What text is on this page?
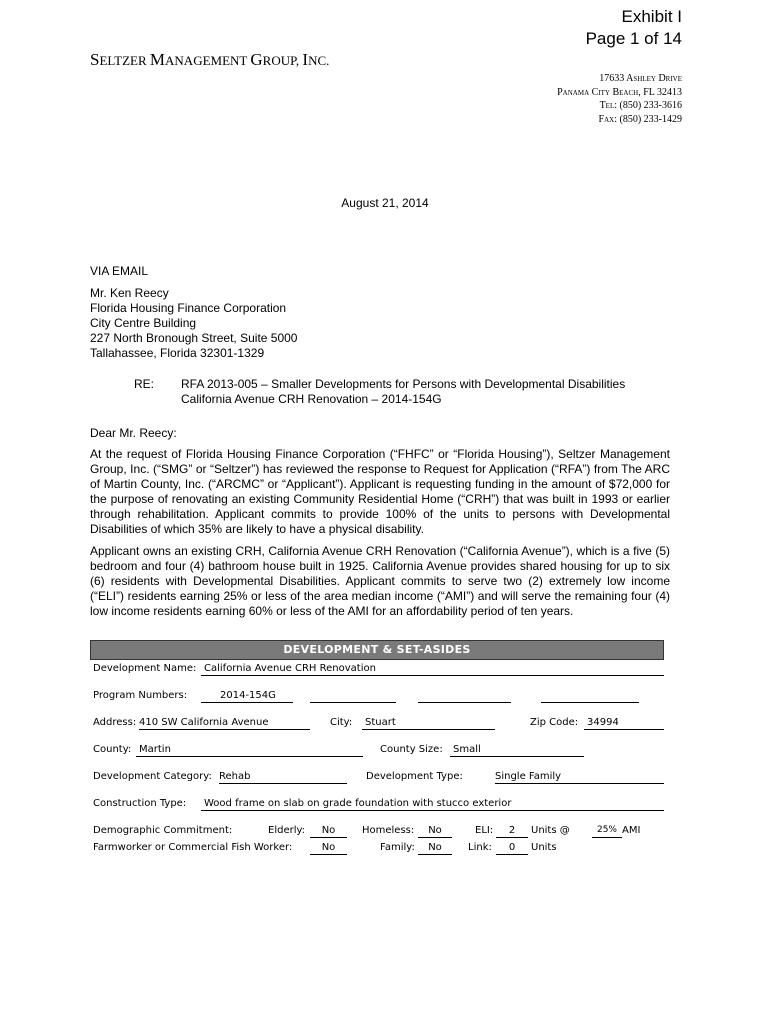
Exhibit I
Page 1 of 14
SELTZER MANAGEMENT GROUP, INC.
17633 Ashley Drive
Panama City Beach, FL 32413
Tel: (850) 233-3616
Fax: (850) 233-1429
August 21, 2014
VIA EMAIL
Mr. Ken Reecy
Florida Housing Finance Corporation
City Centre Building
227 North Bronough Street, Suite 5000
Tallahassee, Florida 32301-1329
RE: RFA 2013-005 – Smaller Developments for Persons with Developmental Disabilities
California Avenue CRH Renovation – 2014-154G
Dear Mr. Reecy:
At the request of Florida Housing Finance Corporation (“FHFC” or “Florida Housing”), Seltzer Management Group, Inc. (“SMG” or “Seltzer”) has reviewed the response to Request for Application (“RFA”) from The ARC of Martin County, Inc. (“ARCMC” or “Applicant”). Applicant is requesting funding in the amount of $72,000 for the purpose of renovating an existing Community Residential Home (“CRH”) that was built in 1993 or earlier through rehabilitation. Applicant commits to provide 100% of the units to persons with Developmental Disabilities of which 35% are likely to have a physical disability.
Applicant owns an existing CRH, California Avenue CRH Renovation (“California Avenue”), which is a five (5) bedroom and four (4) bathroom house built in 1925. California Avenue provides shared housing for up to six (6) residents with Developmental Disabilities. Applicant commits to serve two (2) extremely low income (“ELI”) residents earning 25% or less of the area median income (“AMI”) and will serve the remaining four (4) low income residents earning 60% or less of the AMI for an affordability period of ten years.
DEVELOPMENT & SET-ASIDES
Development Name: California Avenue CRH Renovation
Program Numbers:	2014-154G
Address: 410 SW California Avenue	City:	Stuart	Zip Code: 34994
County: Martin	County Size:	Small
Development Category: Rehab	Development Type:	Single Family
Construction Type:	Wood frame on slab on grade foundation with stucco exterior
Demographic Commitment:	Elderly:	No	Homeless:	No	ELI:	2	Units @	25% AMI
Farmworker or Commercial Fish Worker:	No	Family:	No	Link:	0	Units
